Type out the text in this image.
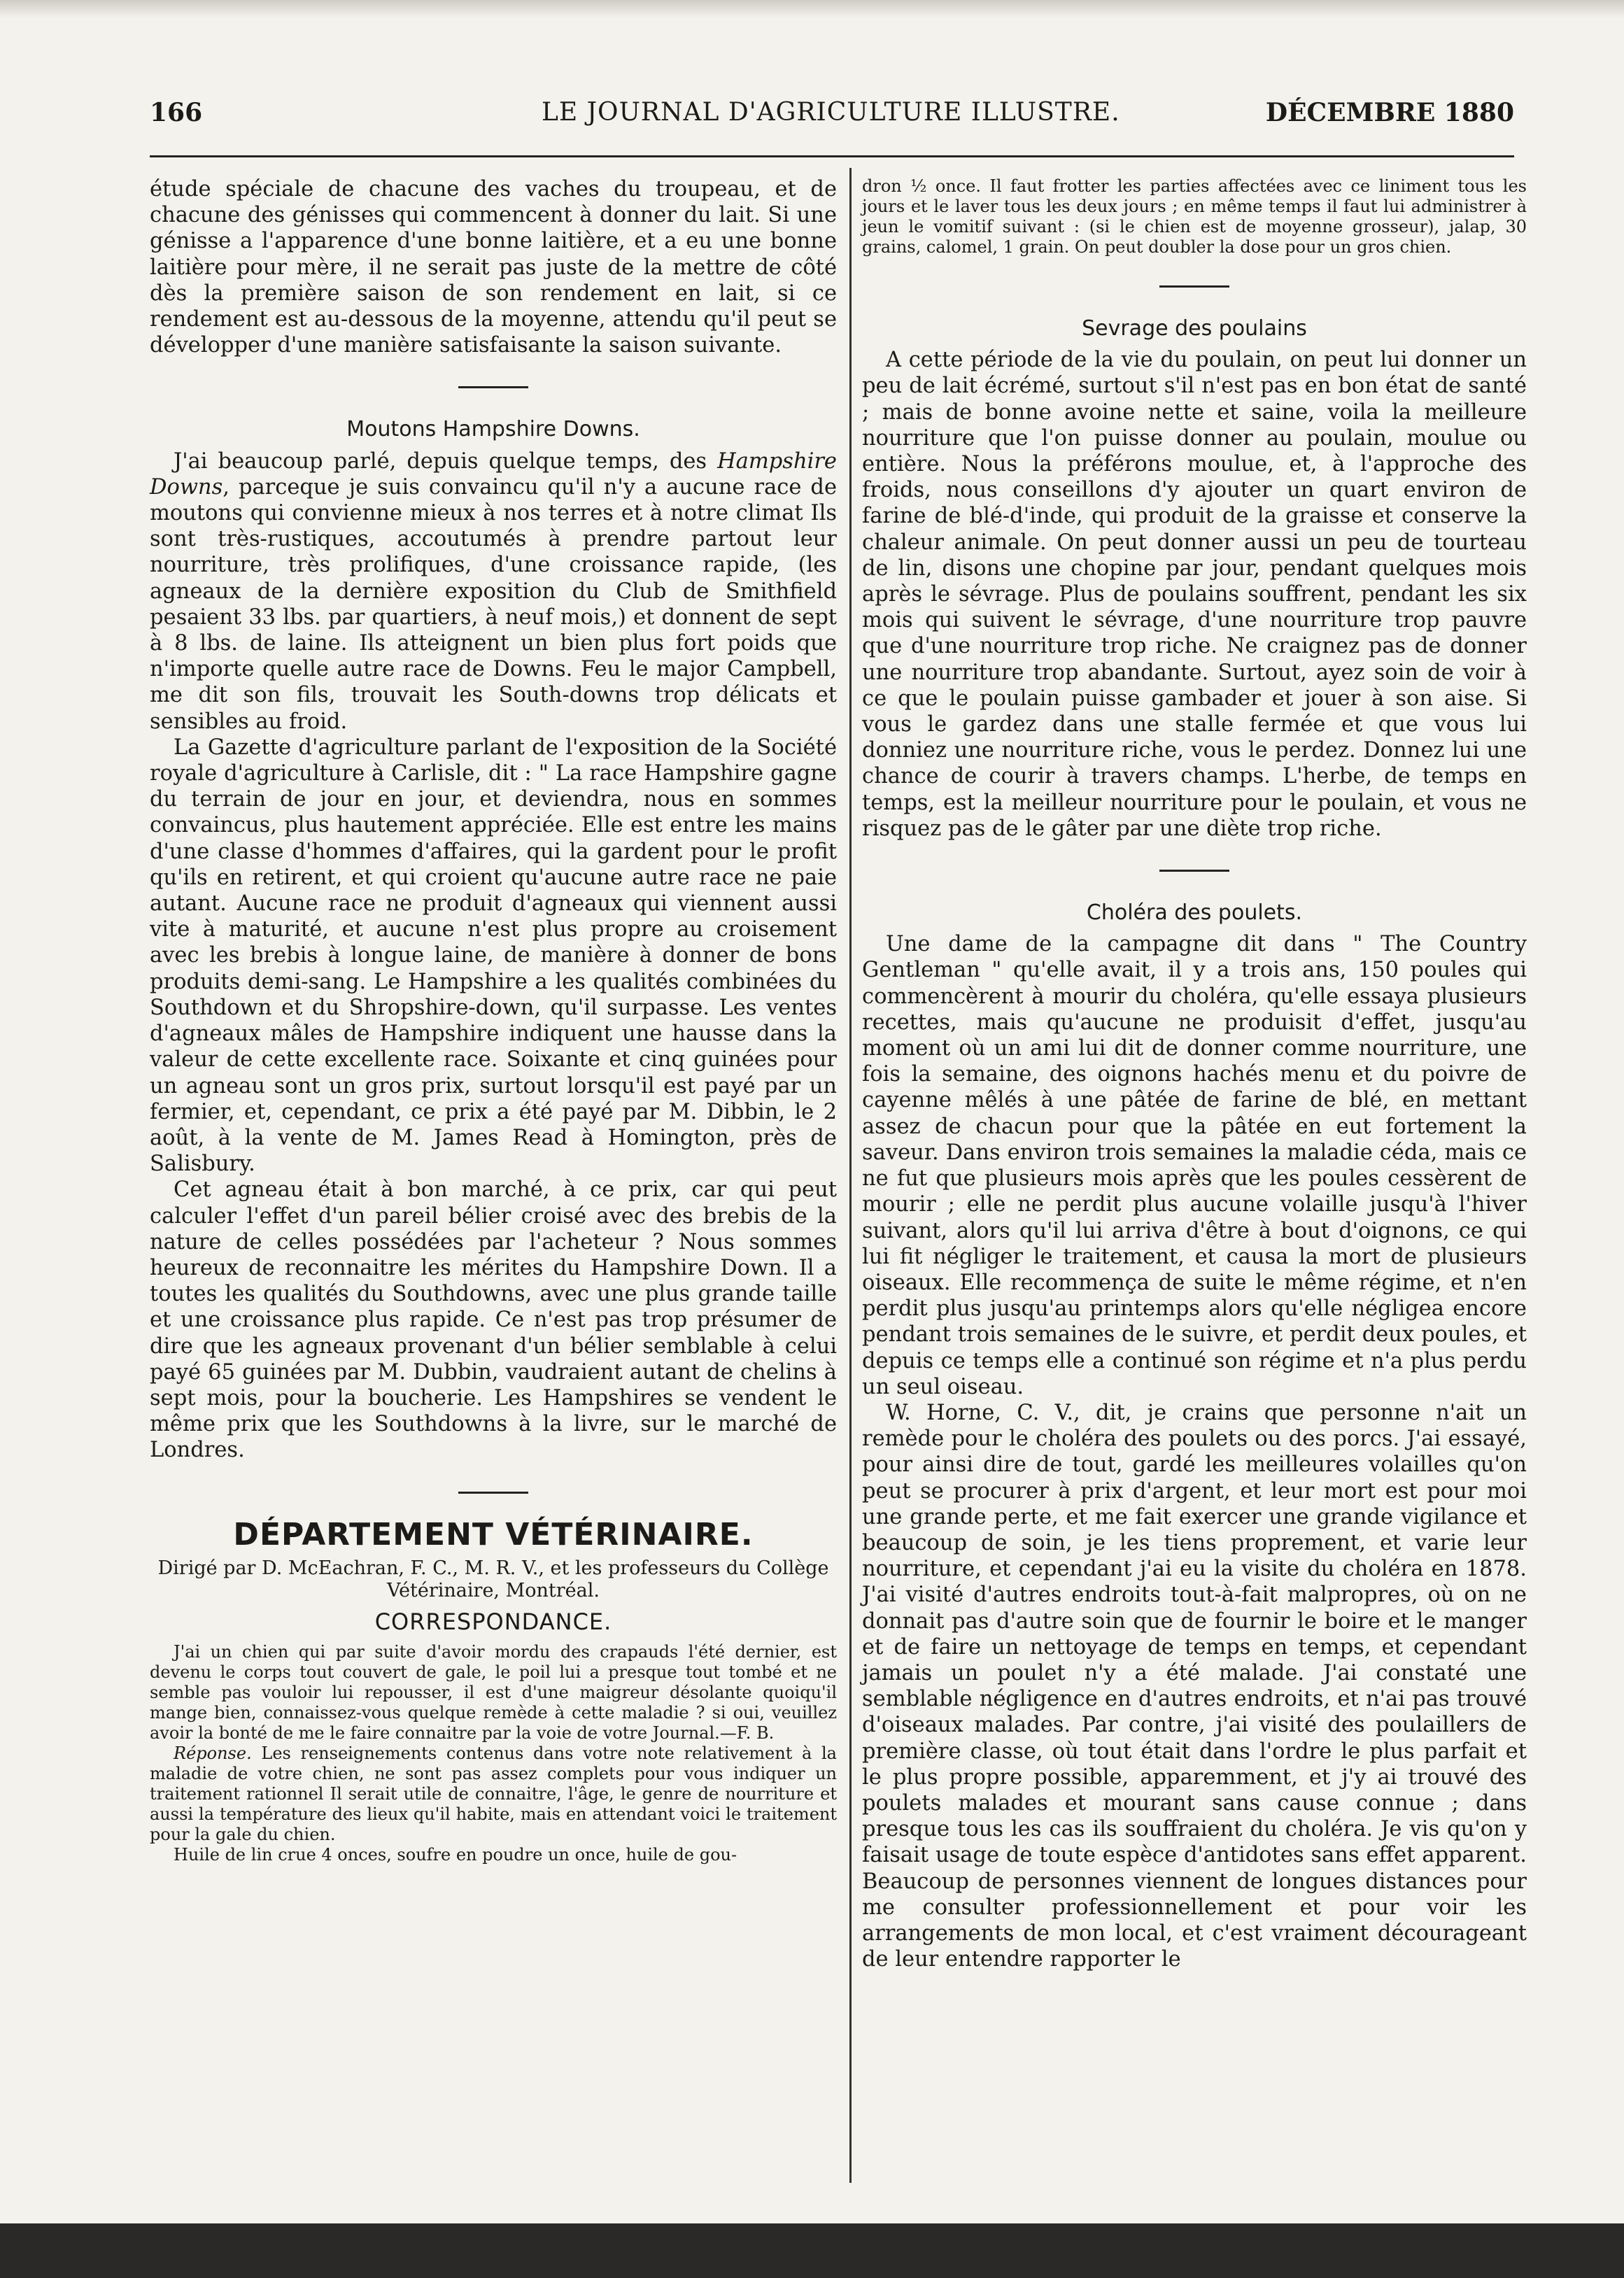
166	LE JOURNAL D'AGRICULTURE ILLUSTRE.	DÉCEMBRE 1880

étude spéciale de chacune des vaches du troupeau, et de chacune des génisses qui commencent à donner du lait. Si une génisse a l'apparence d'une bonne laitière, et a eu une bonne laitière pour mère, il ne serait pas juste de la mettre de côté dès la première saison de son rendement en lait, si ce rendement est au-dessous de la moyenne, attendu qu'il peut se développer d'une manière satisfaisante la saison suivante.

Moutons Hampshire Downs.

J'ai beaucoup parlé, depuis quelque temps, des Hampshire Downs, parceque je suis convaincu qu'il n'y a aucune race de moutons qui convienne mieux à nos terres et à notre climat Ils sont très-rustiques, accoutumés à prendre partout leur nourriture, très prolifiques, d'une croissance rapide, (les agneaux de la dernière exposition du Club de Smithfield pesaient 33 lbs. par quartiers, à neuf mois,) et donnent de sept à 8 lbs. de laine. Ils atteignent un bien plus fort poids que n'importe quelle autre race de Downs. Feu le major Campbell, me dit son fils, trouvait les South-downs trop délicats et sensibles au froid.

La Gazette d'agriculture parlant de l'exposition de la Société royale d'agriculture à Carlisle, dit : " La race Hampshire gagne du terrain de jour en jour, et deviendra, nous en sommes convaincus, plus hautement appréciée. Elle est entre les mains d'une classe d'hommes d'affaires, qui la gardent pour le profit qu'ils en retirent, et qui croient qu'aucune autre race ne paie autant. Aucune race ne produit d'agneaux qui viennent aussi vite à maturité, et aucune n'est plus propre au croisement avec les brebis à longue laine, de manière à donner de bons produits demi-sang. Le Hampshire a les qualités combinées du Southdown et du Shropshire-down, qu'il surpasse. Les ventes d'agneaux mâles de Hampshire indiquent une hausse dans la valeur de cette excellente race. Soixante et cinq guinées pour un agneau sont un gros prix, surtout lorsqu'il est payé par un fermier, et, cependant, ce prix a été payé par M. Dibbin, le 2 août, à la vente de M. James Read à Homington, près de Salisbury.

Cet agneau était à bon marché, à ce prix, car qui peut calculer l'effet d'un pareil bélier croisé avec des brebis de la nature de celles possédées par l'acheteur ? Nous sommes heureux de reconnaitre les mérites du Hampshire Down. Il a toutes les qualités du Southdowns, avec une plus grande taille et une croissance plus rapide. Ce n'est pas trop présumer de dire que les agneaux provenant d'un bélier semblable à celui payé 65 guinées par M. Dubbin, vaudraient autant de chelins à sept mois, pour la boucherie. Les Hampshires se vendent le même prix que les Southdowns à la livre, sur le marché de Londres.

DÉPARTEMENT VÉTÉRINAIRE.
Dirigé par D. McEachran, F. C., M. R. V., et les professeurs du Collège Vétérinaire, Montréal.
CORRESPONDANCE.

J'ai un chien qui par suite d'avoir mordu des crapauds l'été dernier, est devenu le corps tout couvert de gale, le poil lui a presque tout tombé et ne semble pas vouloir lui repousser, il est d'une maigreur désolante quoiqu'il mange bien, connaissez-vous quelque remède à cette maladie ? si oui, veuillez avoir la bonté de me le faire connaitre par la voie de votre Journal.—F. B.

Réponse. Les renseignements contenus dans votre note relativement à la maladie de votre chien, ne sont pas assez complets pour vous indiquer un traitement rationnel Il serait utile de connaitre, l'âge, le genre de nourriture et aussi la température des lieux qu'il habite, mais en attendant voici le traitement pour la gale du chien.

Huile de lin crue 4 onces, soufre en poudre un once, huile de gou-

dron ½ once. Il faut frotter les parties affectées avec ce liniment tous les jours et le laver tous les deux jours ; en même temps il faut lui administrer à jeun le vomitif suivant : (si le chien est de moyenne grosseur), jalap, 30 grains, calomel, 1 grain. On peut doubler la dose pour un gros chien.

Sevrage des poulains

A cette période de la vie du poulain, on peut lui donner un peu de lait écrémé, surtout s'il n'est pas en bon état de santé ; mais de bonne avoine nette et saine, voila la meilleure nourriture que l'on puisse donner au poulain, moulue ou entière. Nous la préférons moulue, et, à l'approche des froids, nous conseillons d'y ajouter un quart environ de farine de blé-d'inde, qui produit de la graisse et conserve la chaleur animale. On peut donner aussi un peu de tourteau de lin, disons une chopine par jour, pendant quelques mois après le sévrage. Plus de poulains souffrent, pendant les six mois qui suivent le sévrage, d'une nourriture trop pauvre que d'une nourriture trop riche. Ne craignez pas de donner une nourriture trop abandante. Surtout, ayez soin de voir à ce que le poulain puisse gambader et jouer à son aise. Si vous le gardez dans une stalle fermée et que vous lui donniez une nourriture riche, vous le perdez. Donnez lui une chance de courir à travers champs. L'herbe, de temps en temps, est la meilleur nourriture pour le poulain, et vous ne risquez pas de le gâter par une diète trop riche.

Choléra des poulets.

Une dame de la campagne dit dans " The Country Gentleman " qu'elle avait, il y a trois ans, 150 poules qui commencèrent à mourir du choléra, qu'elle essaya plusieurs recettes, mais qu'aucune ne produisit d'effet, jusqu'au moment où un ami lui dit de donner comme nourriture, une fois la semaine, des oignons hachés menu et du poivre de cayenne mêlés à une pâtée de farine de blé, en mettant assez de chacun pour que la pâtée en eut fortement la saveur. Dans environ trois semaines la maladie céda, mais ce ne fut que plusieurs mois après que les poules cessèrent de mourir ; elle ne perdit plus aucune volaille jusqu'à l'hiver suivant, alors qu'il lui arriva d'être à bout d'oignons, ce qui lui fit négliger le traitement, et causa la mort de plusieurs oiseaux. Elle recommença de suite le même régime, et n'en perdit plus jusqu'au printemps alors qu'elle négligea encore pendant trois semaines de le suivre, et perdit deux poules, et depuis ce temps elle a continué son régime et n'a plus perdu un seul oiseau.

W. Horne, C. V., dit, je crains que personne n'ait un remède pour le choléra des poulets ou des porcs. J'ai essayé, pour ainsi dire de tout, gardé les meilleures volailles qu'on peut se procurer à prix d'argent, et leur mort est pour moi une grande perte, et me fait exercer une grande vigilance et beaucoup de soin, je les tiens proprement, et varie leur nourriture, et cependant j'ai eu la visite du choléra en 1878. J'ai visité d'autres endroits tout-à-fait malpropres, où on ne donnait pas d'autre soin que de fournir le boire et le manger et de faire un nettoyage de temps en temps, et cependant jamais un poulet n'y a été malade. J'ai constaté une semblable négligence en d'autres endroits, et n'ai pas trouvé d'oiseaux malades. Par contre, j'ai visité des poulaillers de première classe, où tout était dans l'ordre le plus parfait et le plus propre possible, apparemment, et j'y ai trouvé des poulets malades et mourant sans cause connue ; dans presque tous les cas ils souffraient du choléra. Je vis qu'on y faisait usage de toute espèce d'antidotes sans effet apparent. Beaucoup de personnes viennent de longues distances pour me consulter professionnellement et pour voir les arrangements de mon local, et c'est vraiment décourageant de leur entendre rapporter le
